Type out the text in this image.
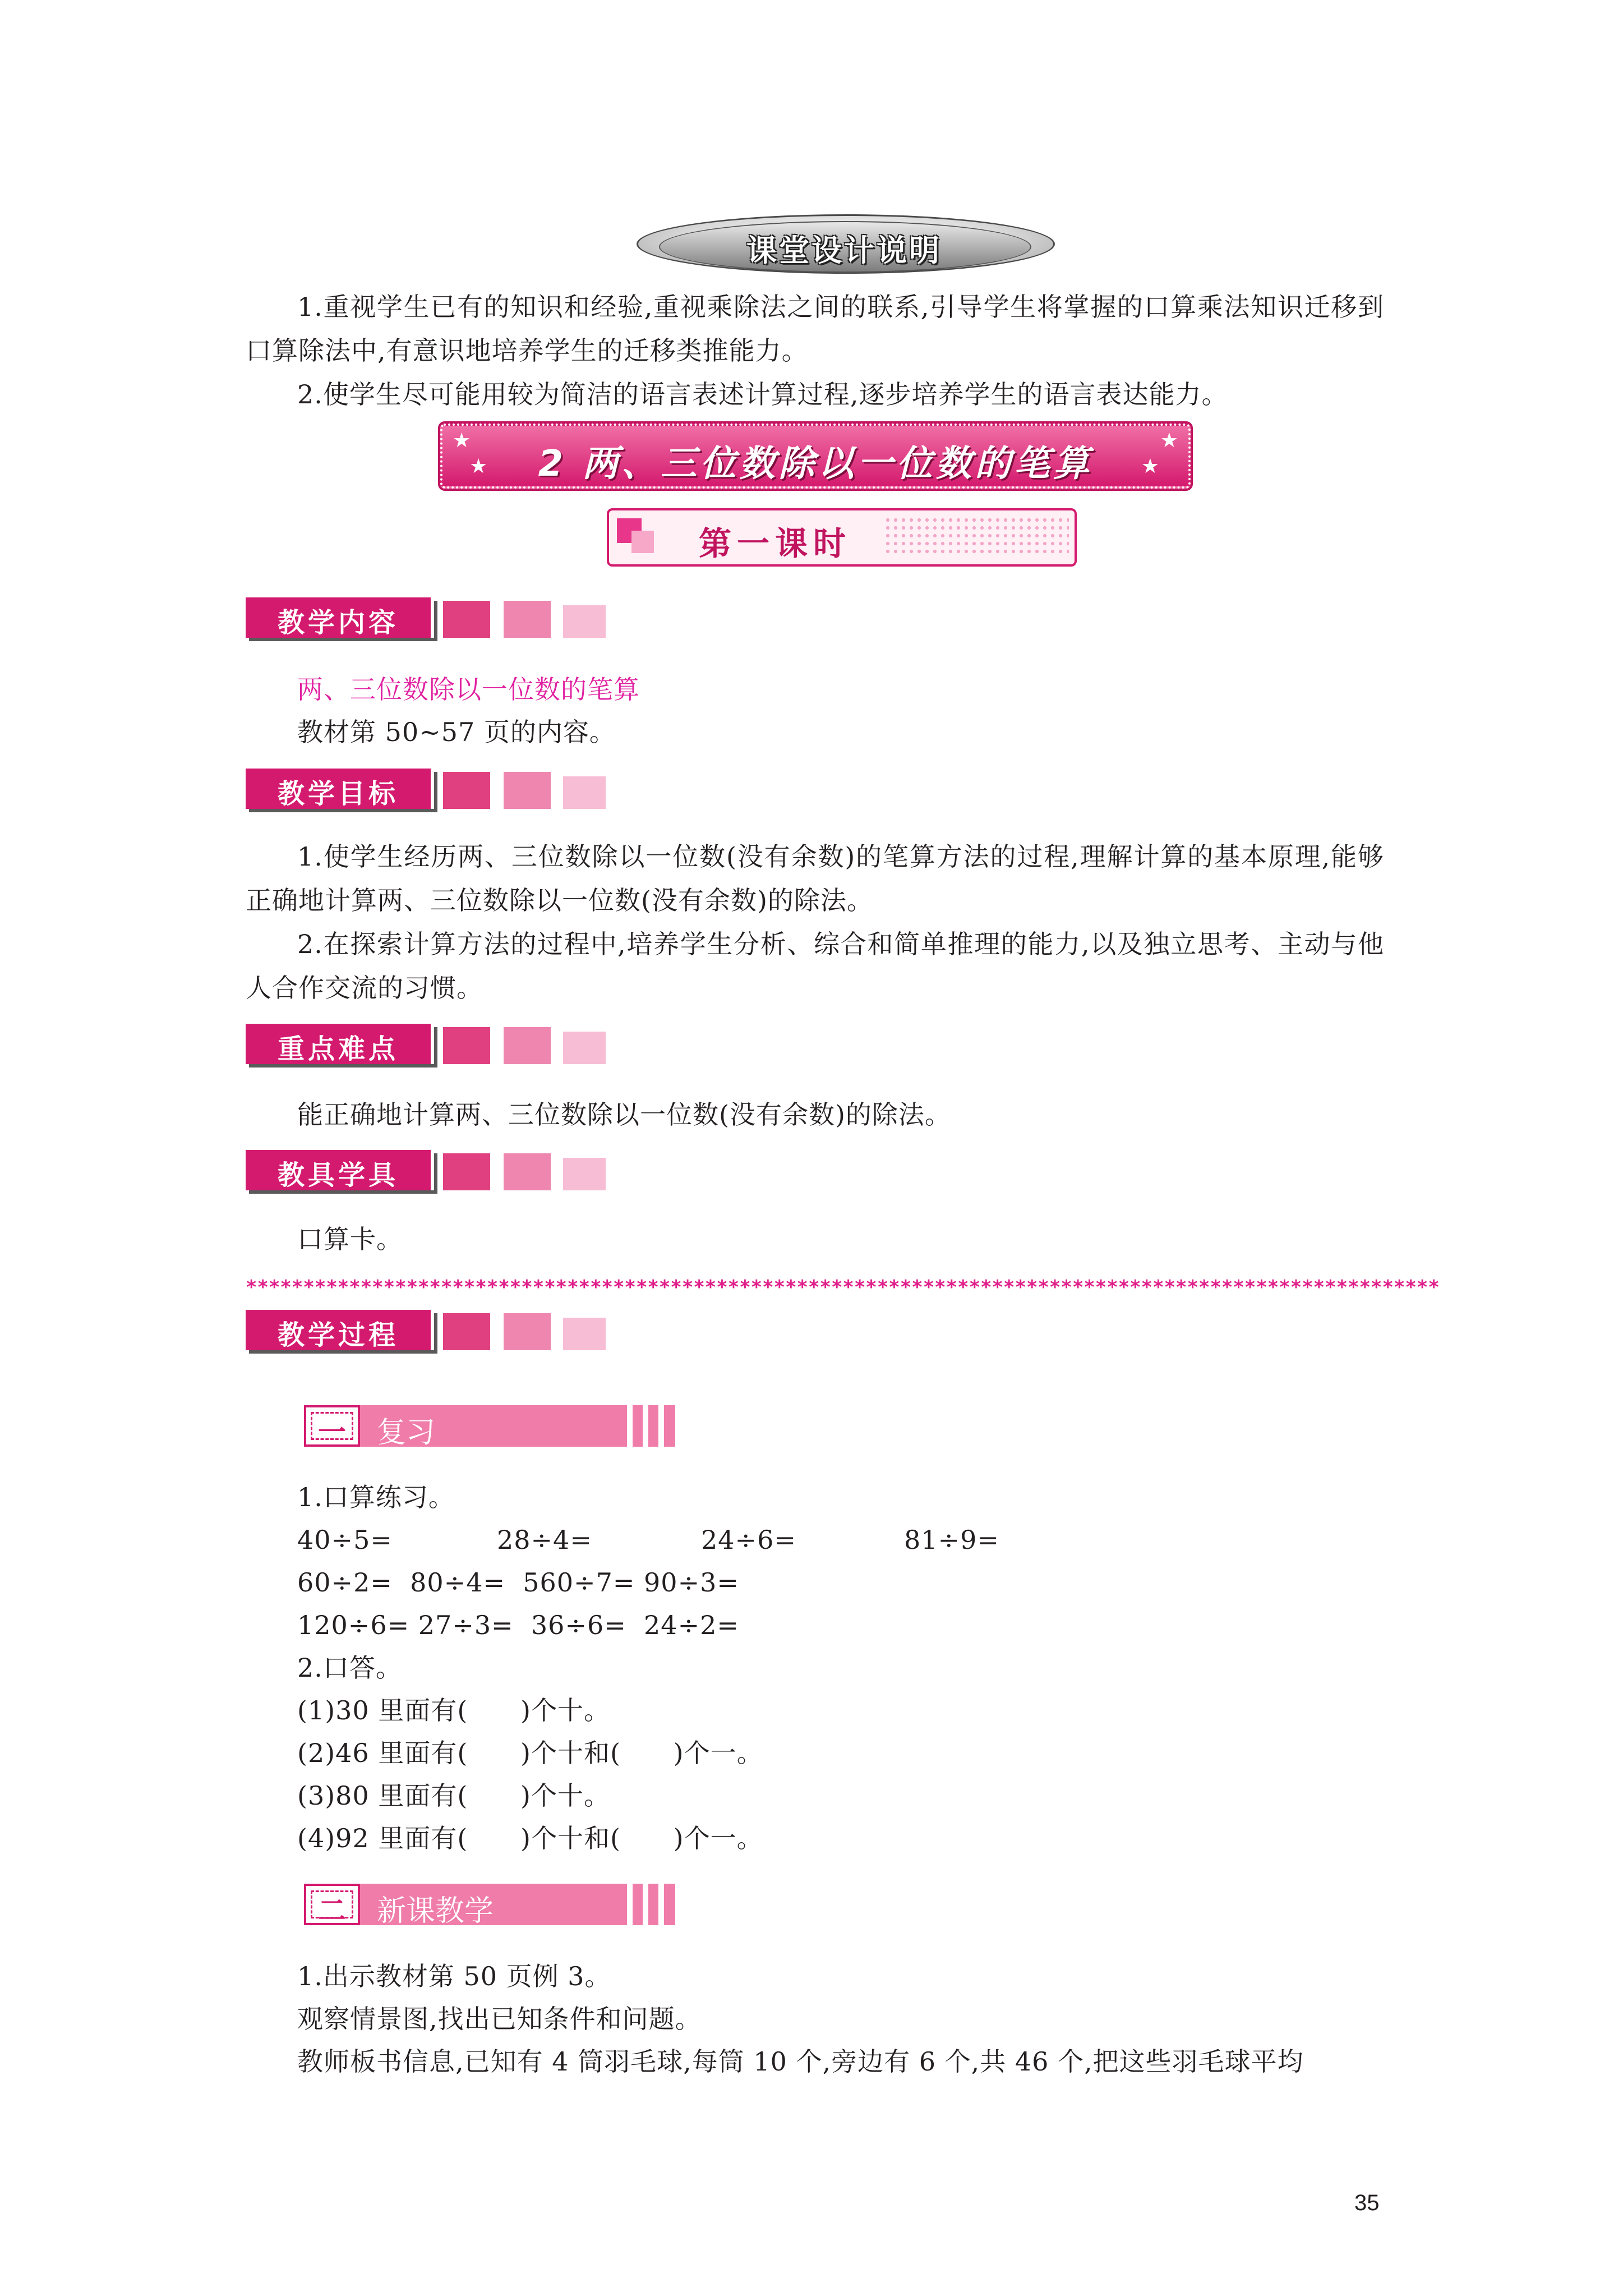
课堂设计说明
1.重视学生已有的知识和经验,重视乘除法之间的联系,引导学生将掌握的口算乘法知识迁移到口算除法中,有意识地培养学生的迁移类推能力。
2.使学生尽可能用较为简洁的语言表述计算过程,逐步培养学生的语言表达能力。
★
★
★
★
2 两、三位数除以一位数的笔算
第一课时
教学内容
两、三位数除以一位数的笔算
教材第 50~57 页的内容。
教学目标
1.使学生经历两、三位数除以一位数(没有余数)的笔算方法的过程,理解计算的基本原理,能够正确地计算两、三位数除以一位数(没有余数)的除法。
2.在探索计算方法的过程中,培养学生分析、综合和简单推理的能力,以及独立思考、主动与他人合作交流的习惯。
重点难点
能正确地计算两、三位数除以一位数(没有余数)的除法。
教具学具
口算卡。
********************************************************************************************************
教学过程
一	复习
1.口算练习。
40÷5=	28÷4=	24÷6=	81÷9=
60÷2=  80÷4=  560÷7= 90÷3=
120÷6= 27÷3=  36÷6=  24÷2=
2.口答。
(1)30 里面有(      )个十。
(2)46 里面有(      )个十和(      )个一。
(3)80 里面有(      )个十。
(4)92 里面有(      )个十和(      )个一。
二	新课教学
1.出示教材第 50 页例 3。
观察情景图,找出已知条件和问题。
教师板书信息,已知有 4 筒羽毛球,每筒 10 个,旁边有 6 个,共 46 个,把这些羽毛球平均
35
